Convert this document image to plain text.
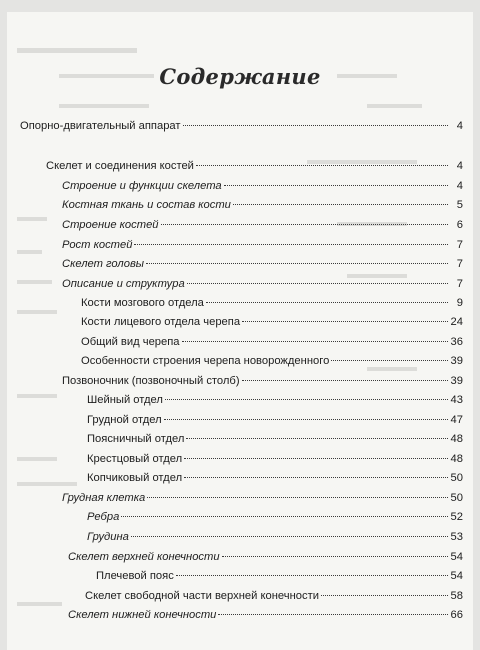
Содержание
Опорно-двигательный аппарат	4
Скелет и соединения костей	4
Строение и функции скелета	4
Костная ткань и состав кости	5
Строение костей	6
Рост костей	7
Скелет головы	7
Описание и структура	7
Кости мозгового отдела	9
Кости лицевого отдела черепа	24
Общий вид черепа	36
Особенности строения черепа новорожденного	39
Позвоночник (позвоночный столб)	39
Шейный отдел	43
Грудной отдел	47
Поясничный отдел	48
Крестцовый отдел	48
Копчиковый отдел	50
Грудная клетка	50
Ребра	52
Грудина	53
Скелет верхней конечности	54
Плечевой пояс	54
Скелет свободной части верхней конечности	58
Скелет нижней конечности	66
